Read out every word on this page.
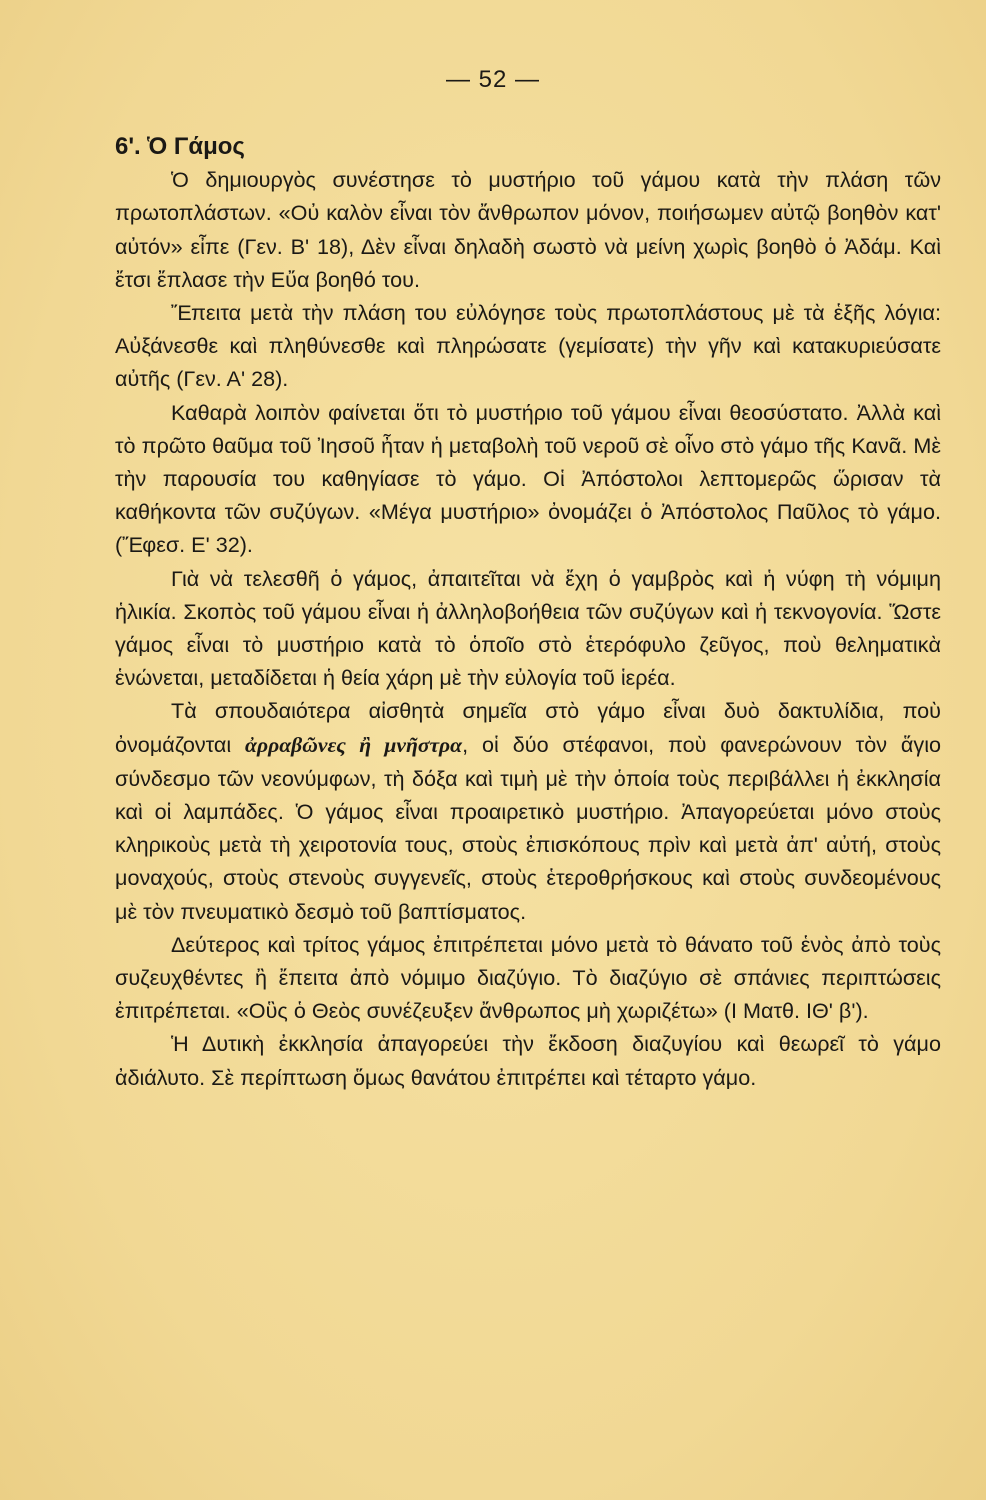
— 52 —
6'. Ὁ Γάμος

Ὁ δημιουργὸς συνέστησε τὸ μυστήριο τοῦ γάμου κατὰ τὴν πλάση τῶν πρωτοπλάστων. «Οὐ καλὸν εἶναι τὸν ἄνθρωπον μόνον, ποιήσωμεν αὐτῷ βοηθὸν κατ' αὐτόν» εἶπε (Γεν. Β' 18), Δὲν εἶναι δηλαδὴ σωστὸ νὰ μείνη χωρὶς βοηθὸ ὁ Ἀδάμ. Καὶ ἔτσι ἔπλασε τὴν Εὔα βοηθό του.

Ἔπειτα μετὰ τὴν πλάση του εὐλόγησε τοὺς πρωτοπλάστους μὲ τὰ ἑξῆς λόγια: Αὐξάνεσθε καὶ πληθύνεσθε καὶ πληρώσατε (γεμίσατε) τὴν γῆν καὶ κατακυριεύσατε αὐτῆς (Γεν. Α' 28).

Καθαρὰ λοιπὸν φαίνεται ὅτι τὸ μυστήριο τοῦ γάμου εἶναι θεοσύστατο. Ἀλλὰ καὶ τὸ πρῶτο θαῦμα τοῦ Ἰησοῦ ἦταν ἡ μεταβολὴ τοῦ νεροῦ σὲ οἶνο στὸ γάμο τῆς Κανᾶ. Μὲ τὴν παρουσία του καθηγίασε τὸ γάμο. Οἱ Ἀπόστολοι λεπτομερῶς ὥρισαν τὰ καθήκοντα τῶν συζύγων. «Μέγα μυστήριο» ὀνομάζει ὁ Ἀπόστολος Παῦλος τὸ γάμο. (Ἔφεσ. Ε' 32).

Γιὰ νὰ τελεσθῆ ὁ γάμος, ἀπαιτεῖται νὰ ἔχη ὁ γαμβρὸς καὶ ἡ νύφη τὴ νόμιμη ἡλικία. Σκοπὸς τοῦ γάμου εἶναι ἡ ἀλληλοβοήθεια τῶν συζύγων καὶ ἡ τεκνογονία. Ὥστε γάμος εἶναι τὸ μυστήριο κατὰ τὸ ὁποῖο στὸ ἑτερόφυλο ζεῦγος, ποὺ θεληματικὰ ἑνώνεται, μεταδίδεται ἡ θεία χάρη μὲ τὴν εὐλογία τοῦ ἱερέα.

Τὰ σπουδαιότερα αἰσθητὰ σημεῖα στὸ γάμο εἶναι δυὸ δακτυλίδια, ποὺ ὀνομάζονται ἀρραβῶνες ἢ μνῆστρα, οἱ δύο στέφανοι, ποὺ φανερώνουν τὸν ἅγιο σύνδεσμο τῶν νεονύμφων, τὴ δόξα καὶ τιμὴ μὲ τὴν ὁποία τοὺς περιβάλλει ἡ ἐκκλησία καὶ οἱ λαμπάδες. Ὁ γάμος εἶναι προαιρετικὸ μυστήριο. Ἀπαγορεύεται μόνο στοὺς κληρικοὺς μετὰ τὴ χειροτονία τους, στοὺς ἐπισκόπους πρὶν καὶ μετὰ ἀπ' αὐτή, στοὺς μοναχούς, στοὺς στενοὺς συγγενεῖς, στοὺς ἑτεροθρήσκους καὶ στοὺς συνδεομένους μὲ τὸν πνευματικὸ δεσμὸ τοῦ βαπτίσματος.

Δεύτερος καὶ τρίτος γάμος ἐπιτρέπεται μόνο μετὰ τὸ θάνατο τοῦ ἑνὸς ἀπὸ τοὺς συζευχθέντες ἢ ἔπειτα ἀπὸ νόμιμο διαζύγιο. Τὸ διαζύγιο σὲ σπάνιες περιπτώσεις ἐπιτρέπεται. «Οὓς ὁ Θεὸς συνέζευξεν ἄνθρωπος μὴ χωριζέτω» (Ι Ματθ. ΙΘ' β').

Ἡ Δυτικὴ ἐκκλησία ἀπαγορεύει τὴν ἔκδοση διαζυγίου καὶ θεωρεῖ τὸ γάμο ἀδιάλυτο. Σὲ περίπτωση ὅμως θανάτου ἐπιτρέπει καὶ τέταρτο γάμο.
